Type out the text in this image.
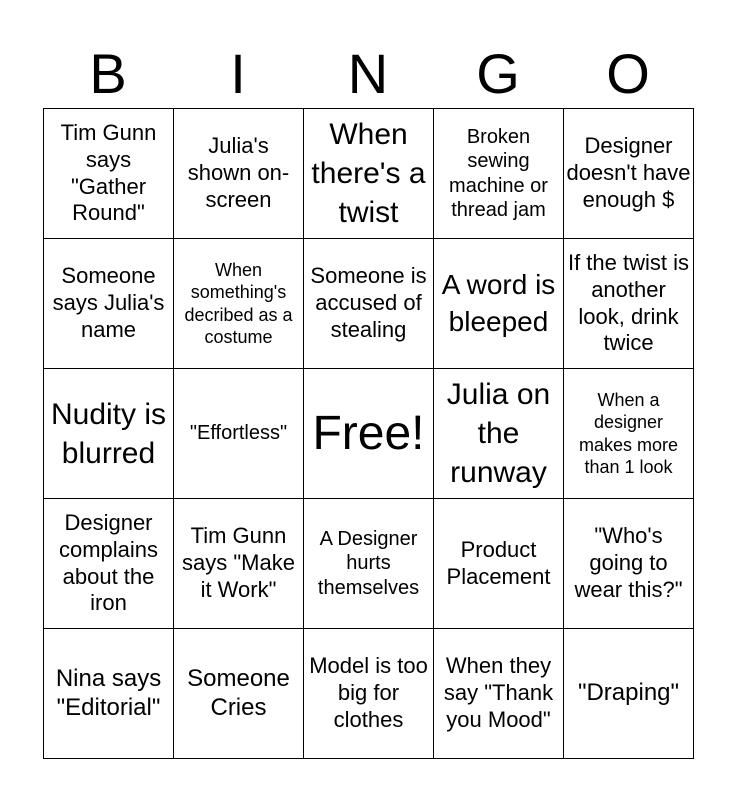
B	I	N	G	O
Tim Gunn says "Gather Round"	Julia's shown on-screen	When there's a twist	Broken sewing machine or thread jam	Designer doesn't have enough $

Someone says Julia's name	When something's decribed as a costume	Someone is accused of stealing	A word is bleeped	If the twist is another look, drink twice

Nudity is blurred	"Effortless"	Free!	Julia on the runway	When a designer makes more than 1 look

Designer complains about the iron	Tim Gunn says "Make it Work"	A Designer hurts themselves	Product Placement	"Who's going to wear this?"

Nina says "Editorial"	Someone Cries	Model is too big for clothes	When they say "Thank you Mood"	"Draping"
